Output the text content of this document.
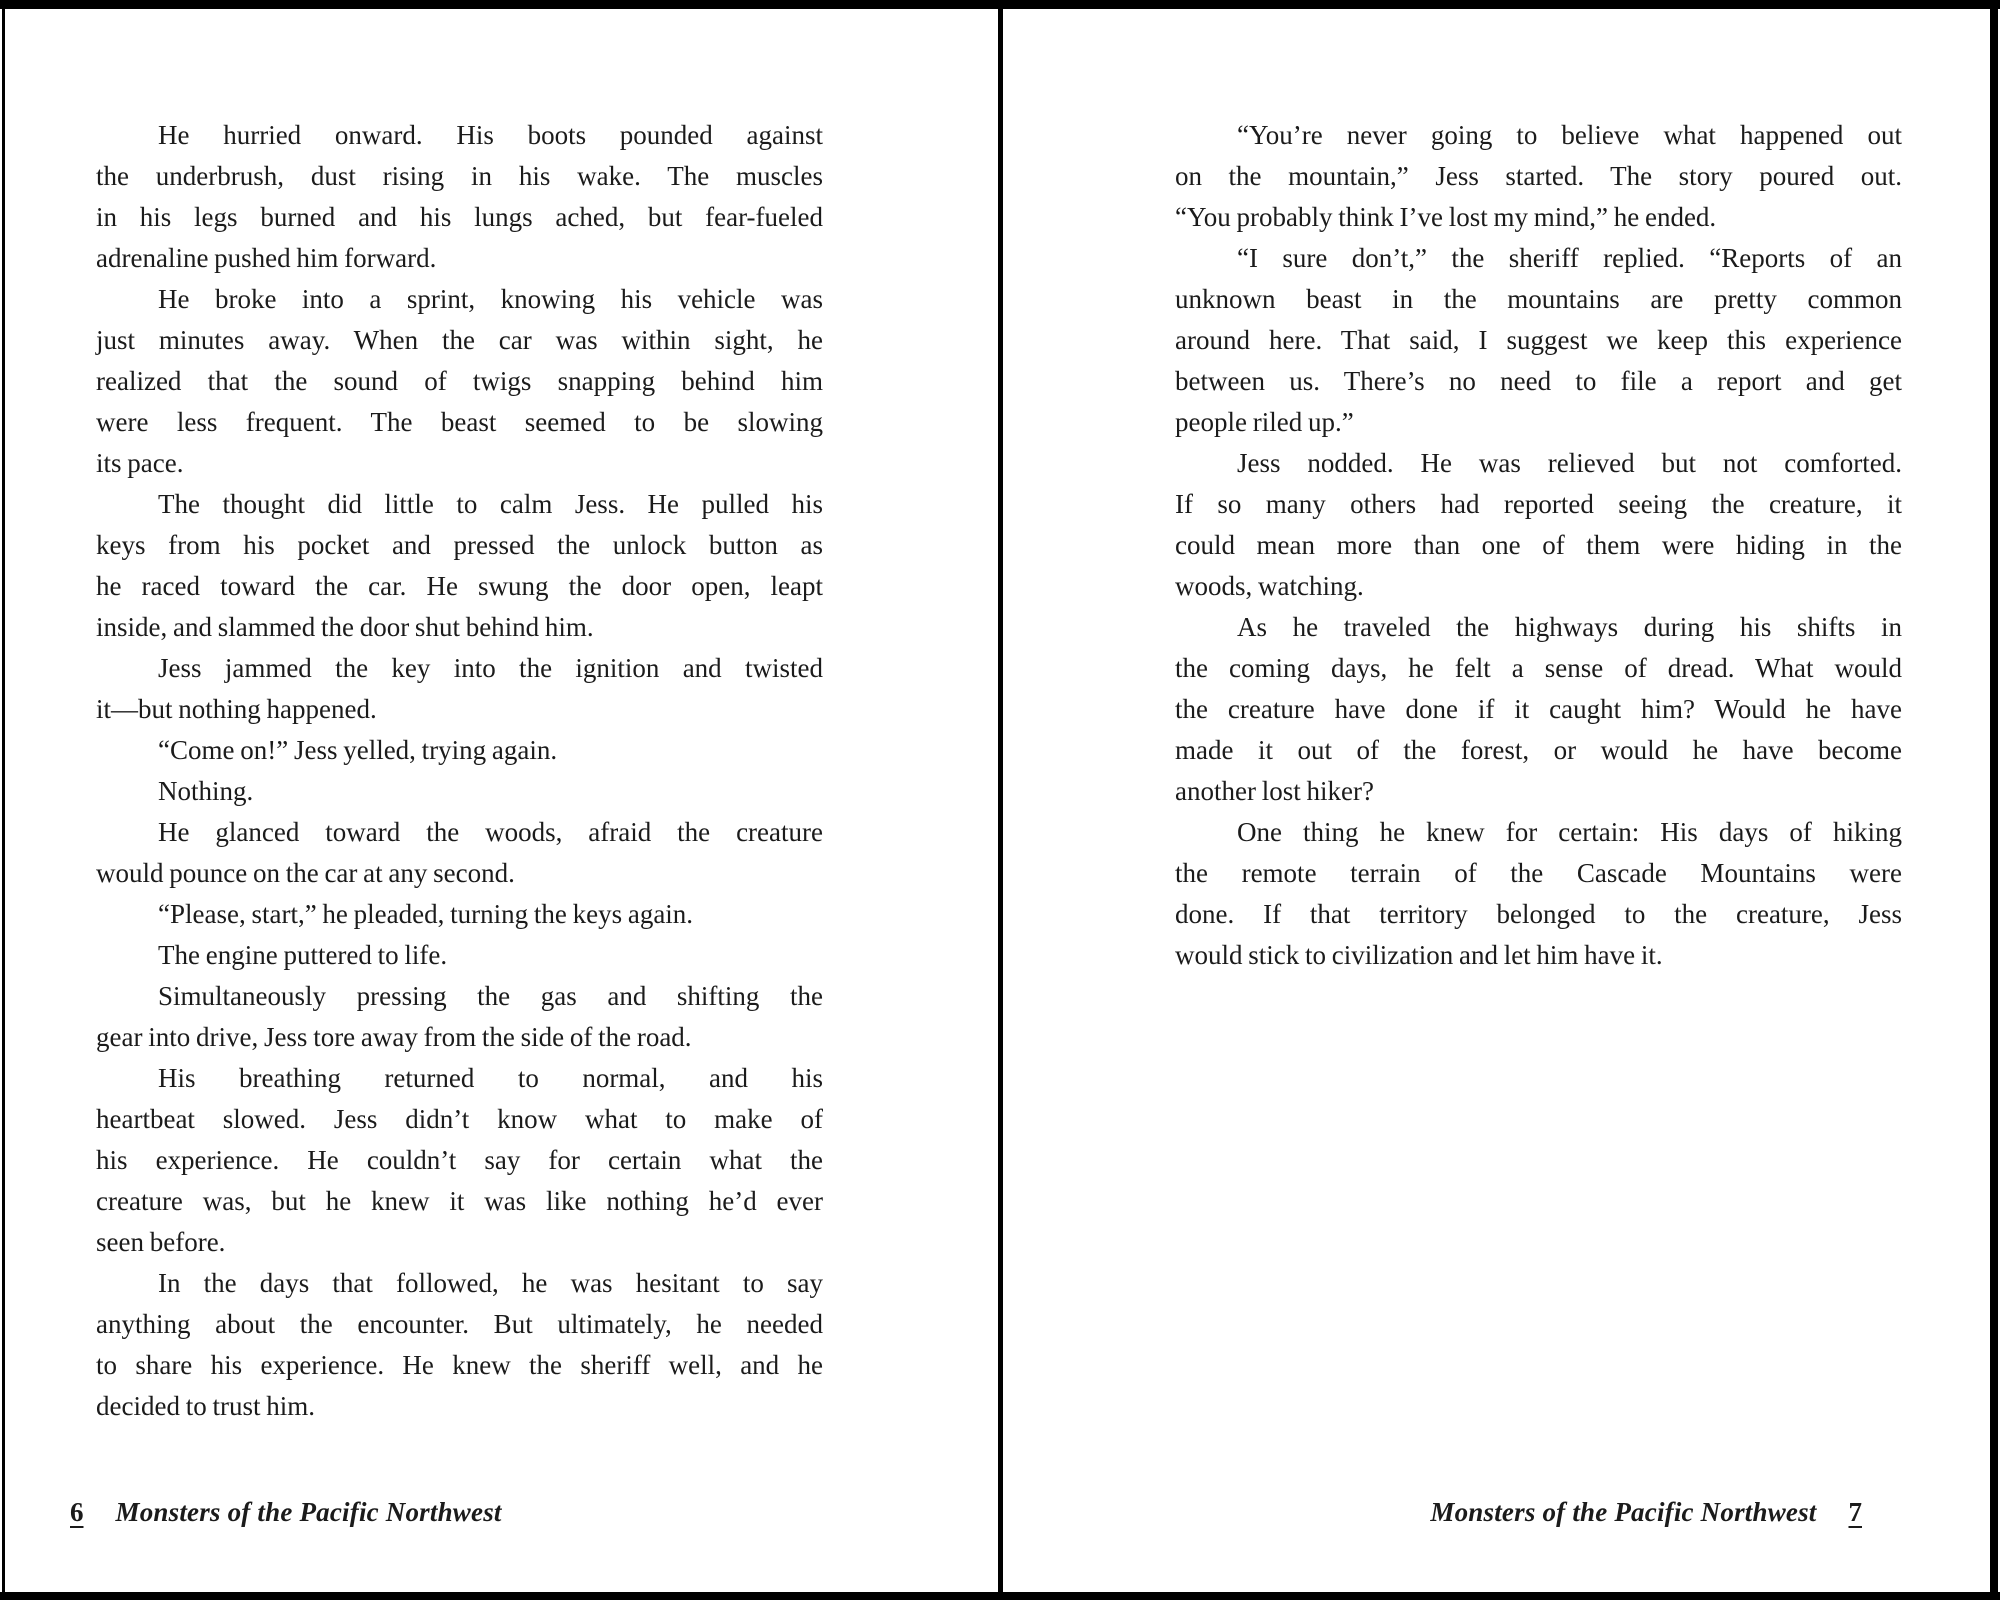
He hurried onward. His boots pounded against
the underbrush, dust rising in his wake. The muscles
in his legs burned and his lungs ached, but fear-fueled
adrenaline pushed him forward.
He broke into a sprint, knowing his vehicle was
just minutes away. When the car was within sight, he
realized that the sound of twigs snapping behind him
were less frequent. The beast seemed to be slowing
its pace.
The thought did little to calm Jess. He pulled his
keys from his pocket and pressed the unlock button as
he raced toward the car. He swung the door open, leapt
inside, and slammed the door shut behind him.
Jess jammed the key into the ignition and twisted
it—but nothing happened.
“Come on!” Jess yelled, trying again.
Nothing.
He glanced toward the woods, afraid the creature
would pounce on the car at any second.
“Please, start,” he pleaded, turning the keys again.
The engine puttered to life.
Simultaneously pressing the gas and shifting the
gear into drive, Jess tore away from the side of the road.
His breathing returned to normal, and his
heartbeat slowed. Jess didn’t know what to make of
his experience. He couldn’t say for certain what the
creature was, but he knew it was like nothing he’d ever
seen before.
In the days that followed, he was hesitant to say
anything about the encounter. But ultimately, he needed
to share his experience. He knew the sheriff well, and he
decided to trust him.
6 Monsters of the Pacific Northwest
“You’re never going to believe what happened out
on the mountain,” Jess started. The story poured out.
“You probably think I’ve lost my mind,” he ended.
“I sure don’t,” the sheriff replied. “Reports of an
unknown beast in the mountains are pretty common
around here. That said, I suggest we keep this experience
between us. There’s no need to file a report and get
people riled up.”
Jess nodded. He was relieved but not comforted.
If so many others had reported seeing the creature, it
could mean more than one of them were hiding in the
woods, watching.
As he traveled the highways during his shifts in
the coming days, he felt a sense of dread. What would
the creature have done if it caught him? Would he have
made it out of the forest, or would he have become
another lost hiker?
One thing he knew for certain: His days of hiking
the remote terrain of the Cascade Mountains were
done. If that territory belonged to the creature, Jess
would stick to civilization and let him have it.
Monsters of the Pacific Northwest 7
